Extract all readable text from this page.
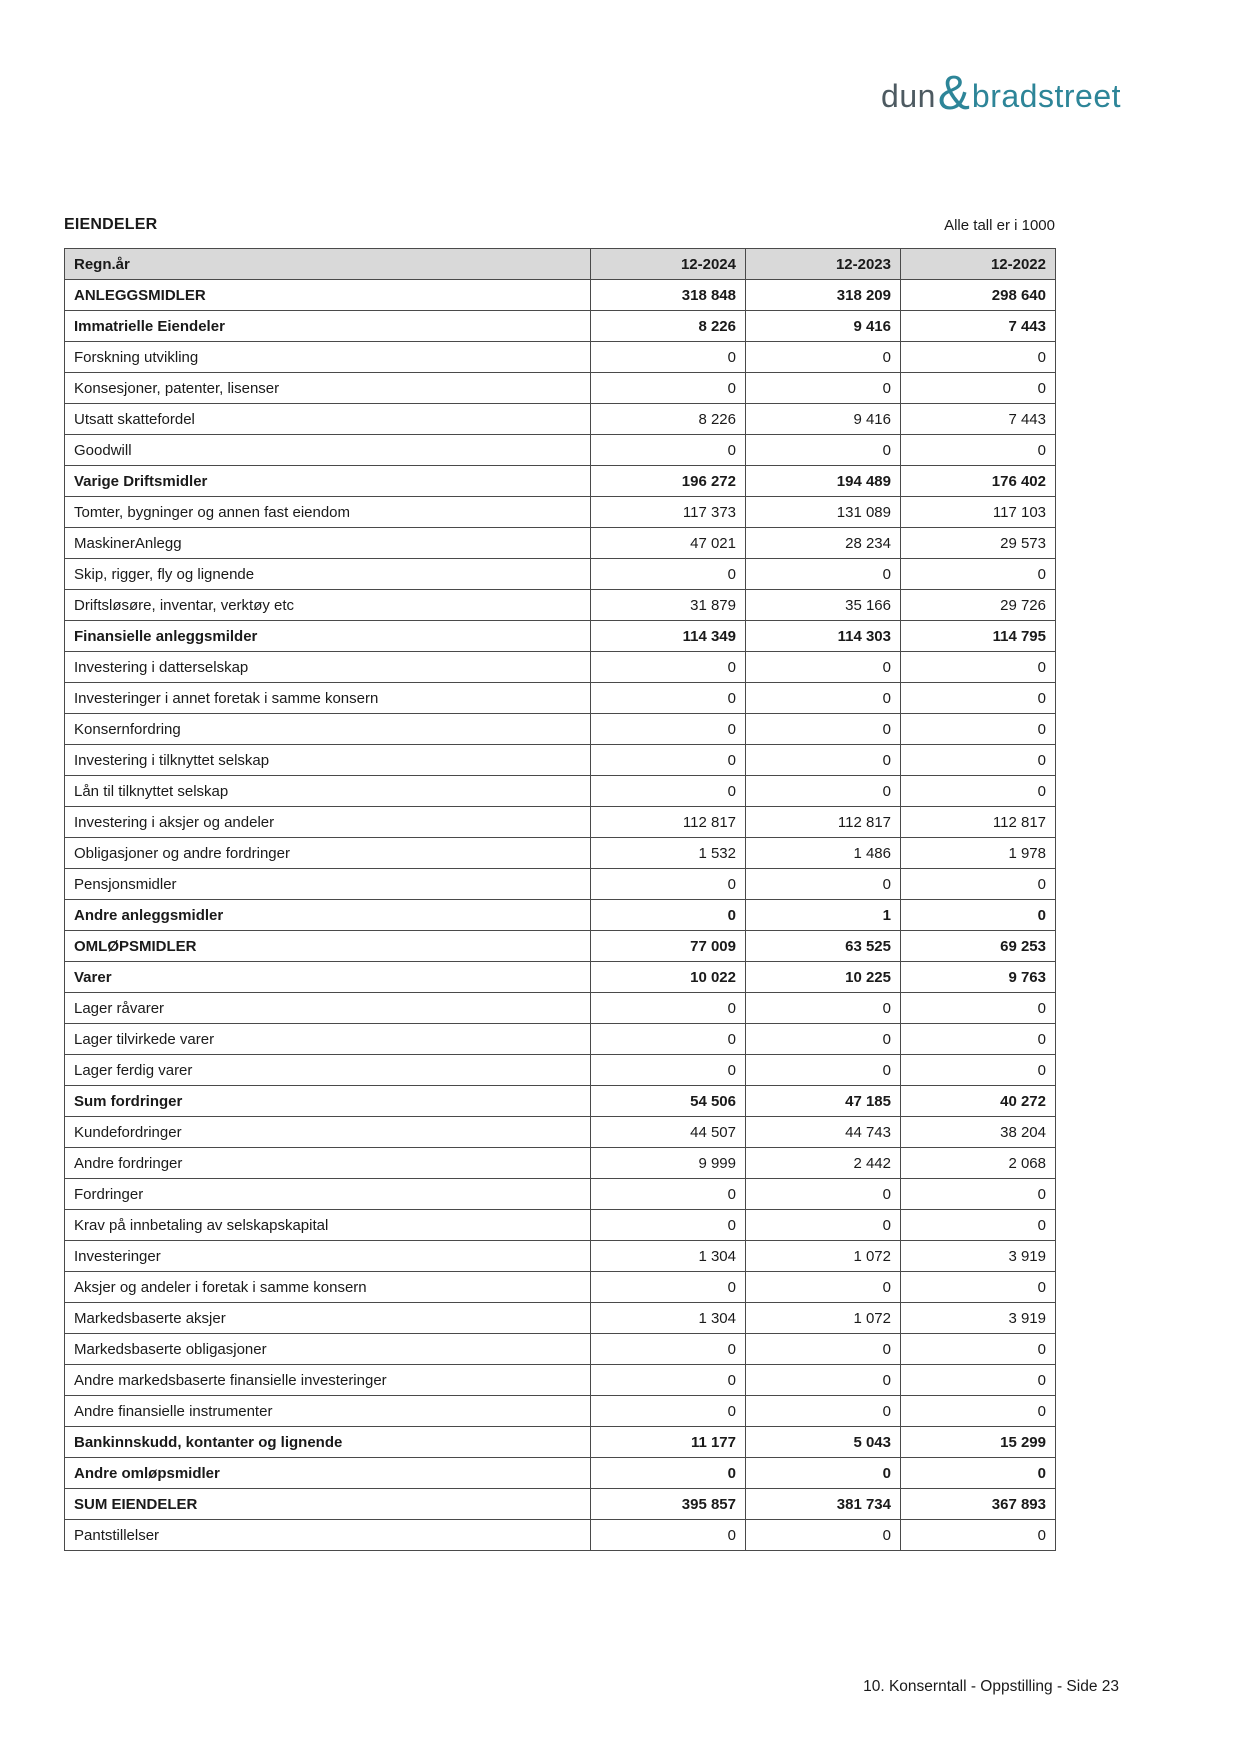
dun & bradstreet
EIENDELER	Alle tall er i 1000
Regn.år	12-2024	12-2023	12-2022
ANLEGGSMIDLER	318 848	318 209	298 640
Immatrielle Eiendeler	8 226	9 416	7 443
Forskning utvikling	0	0	0
Konsesjoner, patenter, lisenser	0	0	0
Utsatt skattefordel	8 226	9 416	7 443
Goodwill	0	0	0
Varige Driftsmidler	196 272	194 489	176 402
Tomter, bygninger og annen fast eiendom	117 373	131 089	117 103
MaskinerAnlegg	47 021	28 234	29 573
Skip, rigger, fly og lignende	0	0	0
Driftsløsøre, inventar, verktøy etc	31 879	35 166	29 726
Finansielle anleggsmilder	114 349	114 303	114 795
Investering i datterselskap	0	0	0
Investeringer i annet foretak i samme konsern	0	0	0
Konsernfordring	0	0	0
Investering i tilknyttet selskap	0	0	0
Lån til tilknyttet selskap	0	0	0
Investering i aksjer og andeler	112 817	112 817	112 817
Obligasjoner og andre fordringer	1 532	1 486	1 978
Pensjonsmidler	0	0	0
Andre anleggsmidler	0	1	0
OMLØPSMIDLER	77 009	63 525	69 253
Varer	10 022	10 225	9 763
Lager råvarer	0	0	0
Lager tilvirkede varer	0	0	0
Lager ferdig varer	0	0	0
Sum fordringer	54 506	47 185	40 272
Kundefordringer	44 507	44 743	38 204
Andre fordringer	9 999	2 442	2 068
Fordringer	0	0	0
Krav på innbetaling av selskapskapital	0	0	0
Investeringer	1 304	1 072	3 919
Aksjer og andeler i foretak i samme konsern	0	0	0
Markedsbaserte aksjer	1 304	1 072	3 919
Markedsbaserte obligasjoner	0	0	0
Andre markedsbaserte finansielle investeringer	0	0	0
Andre finansielle instrumenter	0	0	0
Bankinnskudd, kontanter og lignende	11 177	5 043	15 299
Andre omløpsmidler	0	0	0
SUM EIENDELER	395 857	381 734	367 893
Pantstillelser	0	0	0
10. Konserntall - Oppstilling - Side 23
